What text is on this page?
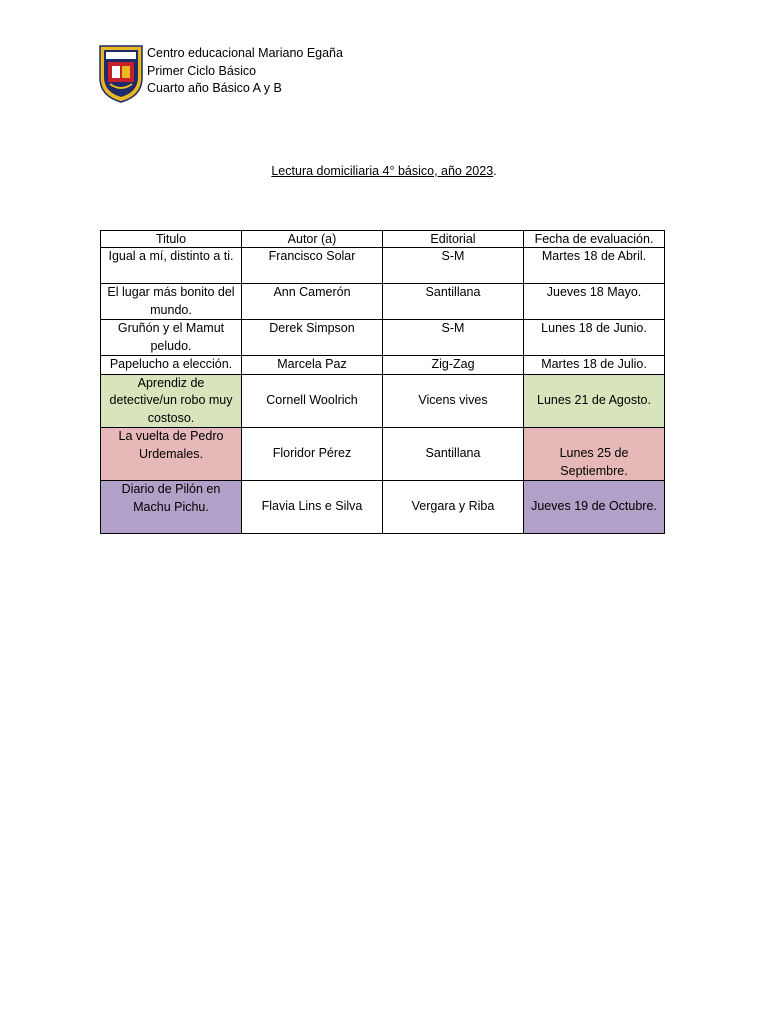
Centro educacional Mariano Egaña
Primer Ciclo Básico
Cuarto año Básico A y B
Lectura domiciliaria 4° básico, año 2023.
Titulo	Autor (a)	Editorial	Fecha de evaluación.
Igual a mí, distinto a ti.	Francisco Solar	S-M	Martes 18 de Abril.
El lugar más bonito del mundo.	Ann Camerón	Santillana	Jueves 18 Mayo.
Gruñón y el Mamut peludo.	Derek Simpson	S-M	Lunes 18 de Junio.
Papelucho a elección.	Marcela Paz	Zig-Zag	Martes 18 de Julio.
Aprendiz de detective/un robo muy costoso.	Cornell Woolrich	Vicens vives	Lunes 21 de Agosto.
La vuelta de Pedro Urdemales.	Floridor Pérez	Santillana	Lunes 25 de Septiembre.
Diario de Pilón en Machu Pichu.	Flavia Lins e Silva	Vergara y Riba	Jueves 19 de Octubre.
